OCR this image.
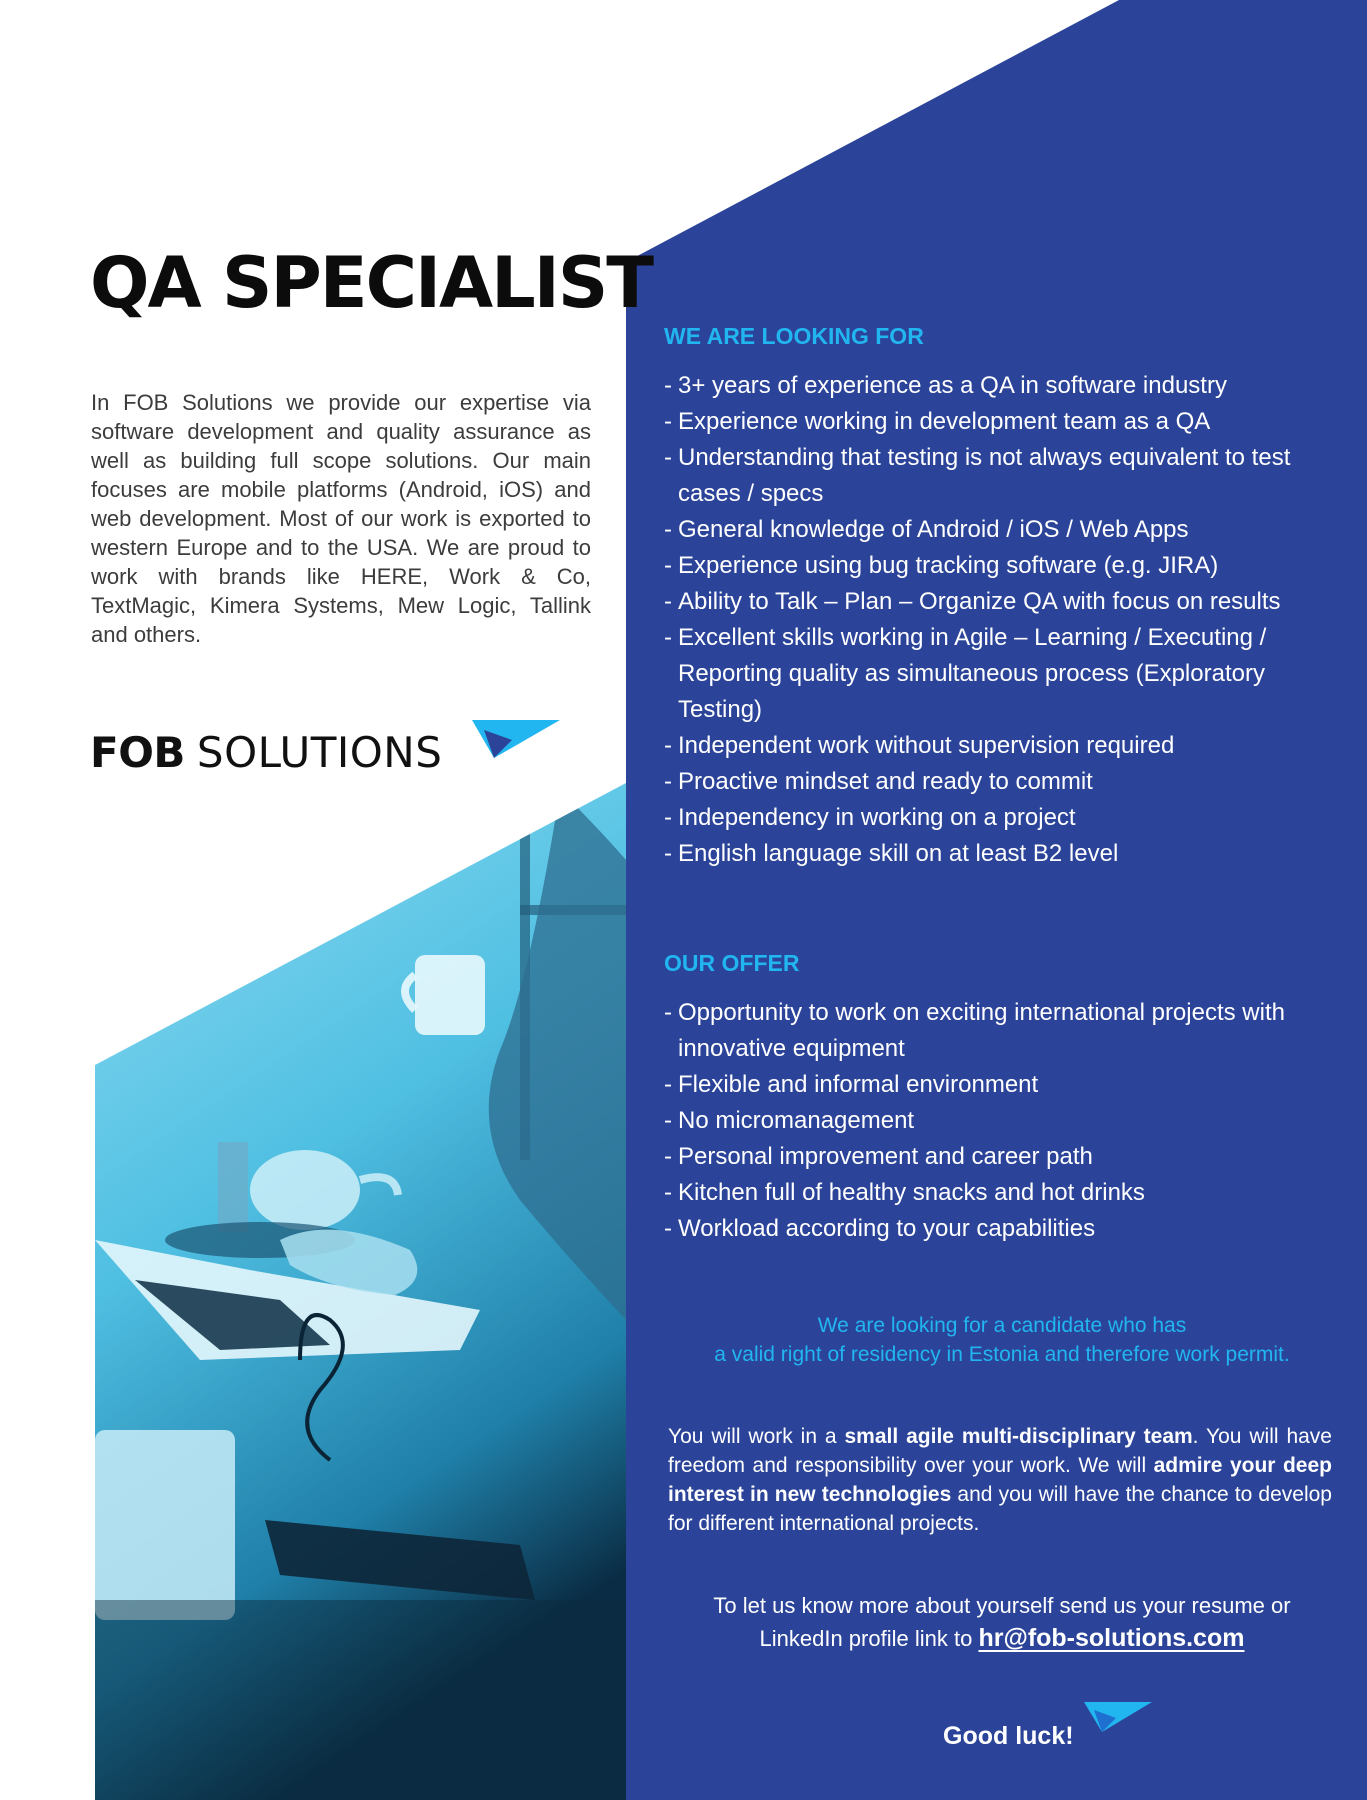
QA SPECIALIST

In FOB Solutions we provide our expertise via software development and quality assurance as well as building full scope solutions. Our main focuses are mobile platforms (Android, iOS) and web development. Most of our work is exported to western Europe and to the USA. We are proud to work with brands like HERE, Work & Co, TextMagic, Kimera Systems, Mew Logic, Tallink and others.

FOB SOLUTIONS
WE ARE LOOKING FOR
- 3+ years of experience as a QA in software industry
- Experience working in development team as a QA
- Understanding that testing is not always equivalent to test cases / specs
- General knowledge of Android / iOS / Web Apps
- Experience using bug tracking software (e.g. JIRA)
- Ability to Talk – Plan – Organize QA with focus on results
- Excellent skills working in Agile – Learning / Executing / Reporting quality as simultaneous process (Exploratory Testing)
- Independent work without supervision required
- Proactive mindset and ready to commit
- Independency in working on a project
- English language skill on at least B2 level
OUR OFFER
- Opportunity to work on exciting international projects with innovative equipment
- Flexible and informal environment
- No micromanagement
- Personal improvement and career path
- Kitchen full of healthy snacks and hot drinks
- Workload according to your capabilities

We are looking for a candidate who has
a valid right of residency in Estonia and therefore work permit.

You will work in a small agile multi-disciplinary team. You will have freedom and responsibility over your work. We will admire your deep interest in new technologies and you will have the chance to develop for different international projects.

To let us know more about yourself send us your resume or
LinkedIn profile link to hr@fob-solutions.com

Good luck!
